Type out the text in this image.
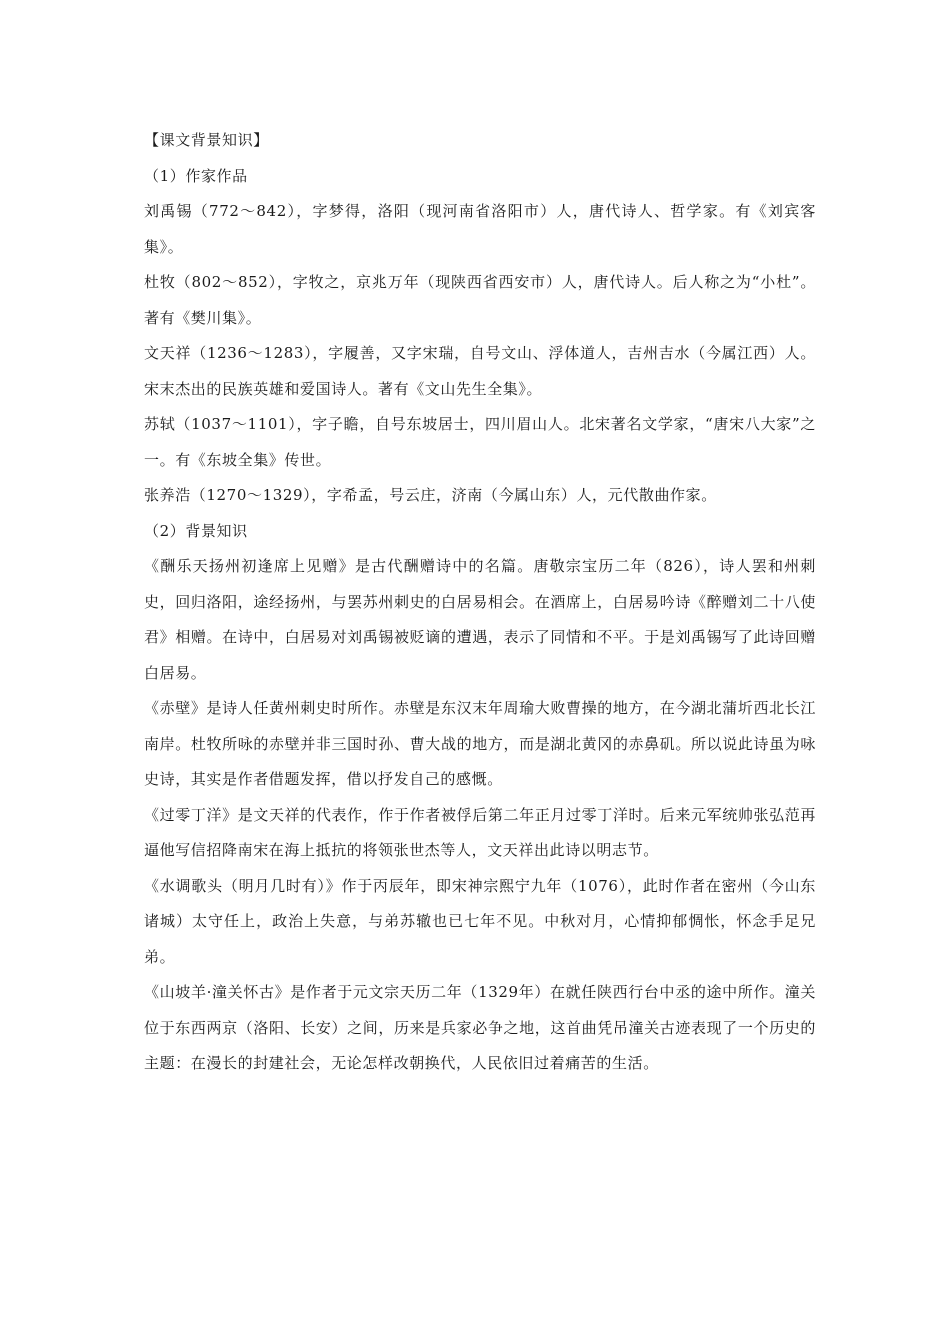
【课文背景知识】

（1）作家作品

刘禹锡（772～842），字梦得，洛阳（现河南省洛阳市）人，唐代诗人、哲学家。有《刘宾客集》。

杜牧（802～852），字牧之，京兆万年（现陕西省西安市）人，唐代诗人。后人称之为“小杜”。著有《樊川集》。

文天祥（1236～1283），字履善，又字宋瑞，自号文山、浮体道人，吉州吉水（今属江西）人。宋末杰出的民族英雄和爱国诗人。著有《文山先生全集》。

苏轼（1037～1101），字子瞻，自号东坡居士，四川眉山人。北宋著名文学家，“唐宋八大家”之一。有《东坡全集》传世。

张养浩（1270～1329），字希孟，号云庄，济南（今属山东）人，元代散曲作家。

（2）背景知识

《酬乐天扬州初逢席上见赠》是古代酬赠诗中的名篇。唐敬宗宝历二年（826），诗人罢和州刺史，回归洛阳，途经扬州，与罢苏州刺史的白居易相会。在酒席上，白居易吟诗《醉赠刘二十八使君》相赠。在诗中，白居易对刘禹锡被贬谪的遭遇，表示了同情和不平。于是刘禹锡写了此诗回赠白居易。

《赤壁》是诗人任黄州刺史时所作。赤壁是东汉末年周瑜大败曹操的地方，在今湖北蒲圻西北长江南岸。杜牧所咏的赤壁并非三国时孙、曹大战的地方，而是湖北黄冈的赤鼻矶。所以说此诗虽为咏史诗，其实是作者借题发挥，借以抒发自己的感慨。

《过零丁洋》是文天祥的代表作，作于作者被俘后第二年正月过零丁洋时。后来元军统帅张弘范再逼他写信招降南宋在海上抵抗的将领张世杰等人，文天祥出此诗以明志节。

《水调歌头（明月几时有）》作于丙辰年，即宋神宗熙宁九年（1076），此时作者在密州（今山东诸城）太守任上，政治上失意，与弟苏辙也已七年不见。中秋对月，心情抑郁惆怅，怀念手足兄弟。

《山坡羊·潼关怀古》是作者于元文宗天历二年（1329年）在就任陕西行台中丞的途中所作。潼关位于东西两京（洛阳、长安）之间，历来是兵家必争之地，这首曲凭吊潼关古迹表现了一个历史的主题：在漫长的封建社会，无论怎样改朝换代，人民依旧过着痛苦的生活。
